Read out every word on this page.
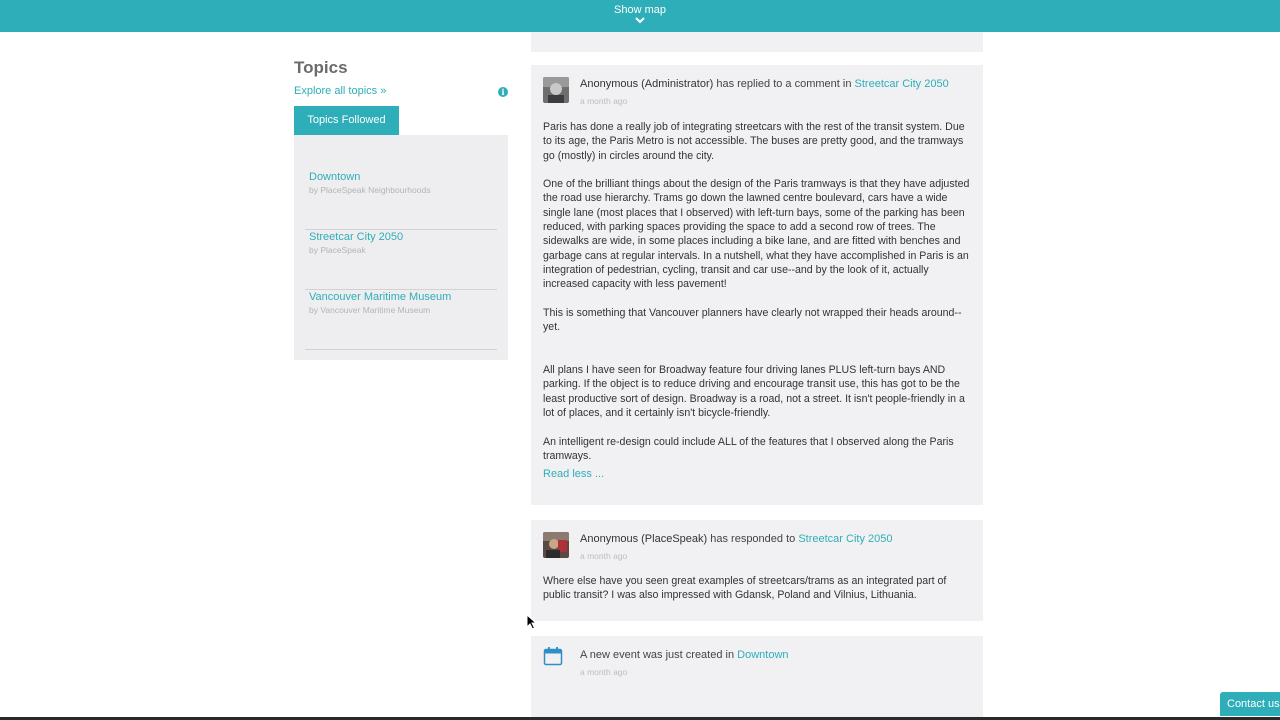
Show map
Topics
Explore all topics »	i
Topics Followed
Downtown
by PlaceSpeak Neighbourhoods
Streetcar City 2050
by PlaceSpeak
Vancouver Maritime Museum
by Vancouver Maritime Museum
Anonymous (Administrator) has replied to a comment in Streetcar City 2050
a month ago

Paris has done a really job of integrating streetcars with the rest of the transit system. Due to its age, the Paris Metro is not accessible. The buses are pretty good, and the tramways go (mostly) in circles around the city.

One of the brilliant things about the design of the Paris tramways is that they have adjusted the road use hierarchy. Trams go down the lawned centre boulevard, cars have a wide single lane (most places that I observed) with left-turn bays, some of the parking has been reduced, with parking spaces providing the space to add a second row of trees. The sidewalks are wide, in some places including a bike lane, and are fitted with benches and garbage cans at regular intervals. In a nutshell, what they have accomplished in Paris is an integration of pedestrian, cycling, transit and car use--and by the look of it, actually increased capacity with less pavement!

This is something that Vancouver planners have clearly not wrapped their heads around--yet.

All plans I have seen for Broadway feature four driving lanes PLUS left-turn bays AND parking. If the object is to reduce driving and encourage transit use, this has got to be the least productive sort of design. Broadway is a road, not a street. It isn't people-friendly in a lot of places, and it certainly isn't bicycle-friendly.

An intelligent re-design could include ALL of the features that I observed along the Paris tramways.

Read less ...
Anonymous (PlaceSpeak) has responded to Streetcar City 2050
a month ago

Where else have you seen great examples of streetcars/trams as an integrated part of public transit? I was also impressed with Gdansk, Poland and Vilnius, Lithuania.

A new event was just created in Downtown
a month ago
Contact us
